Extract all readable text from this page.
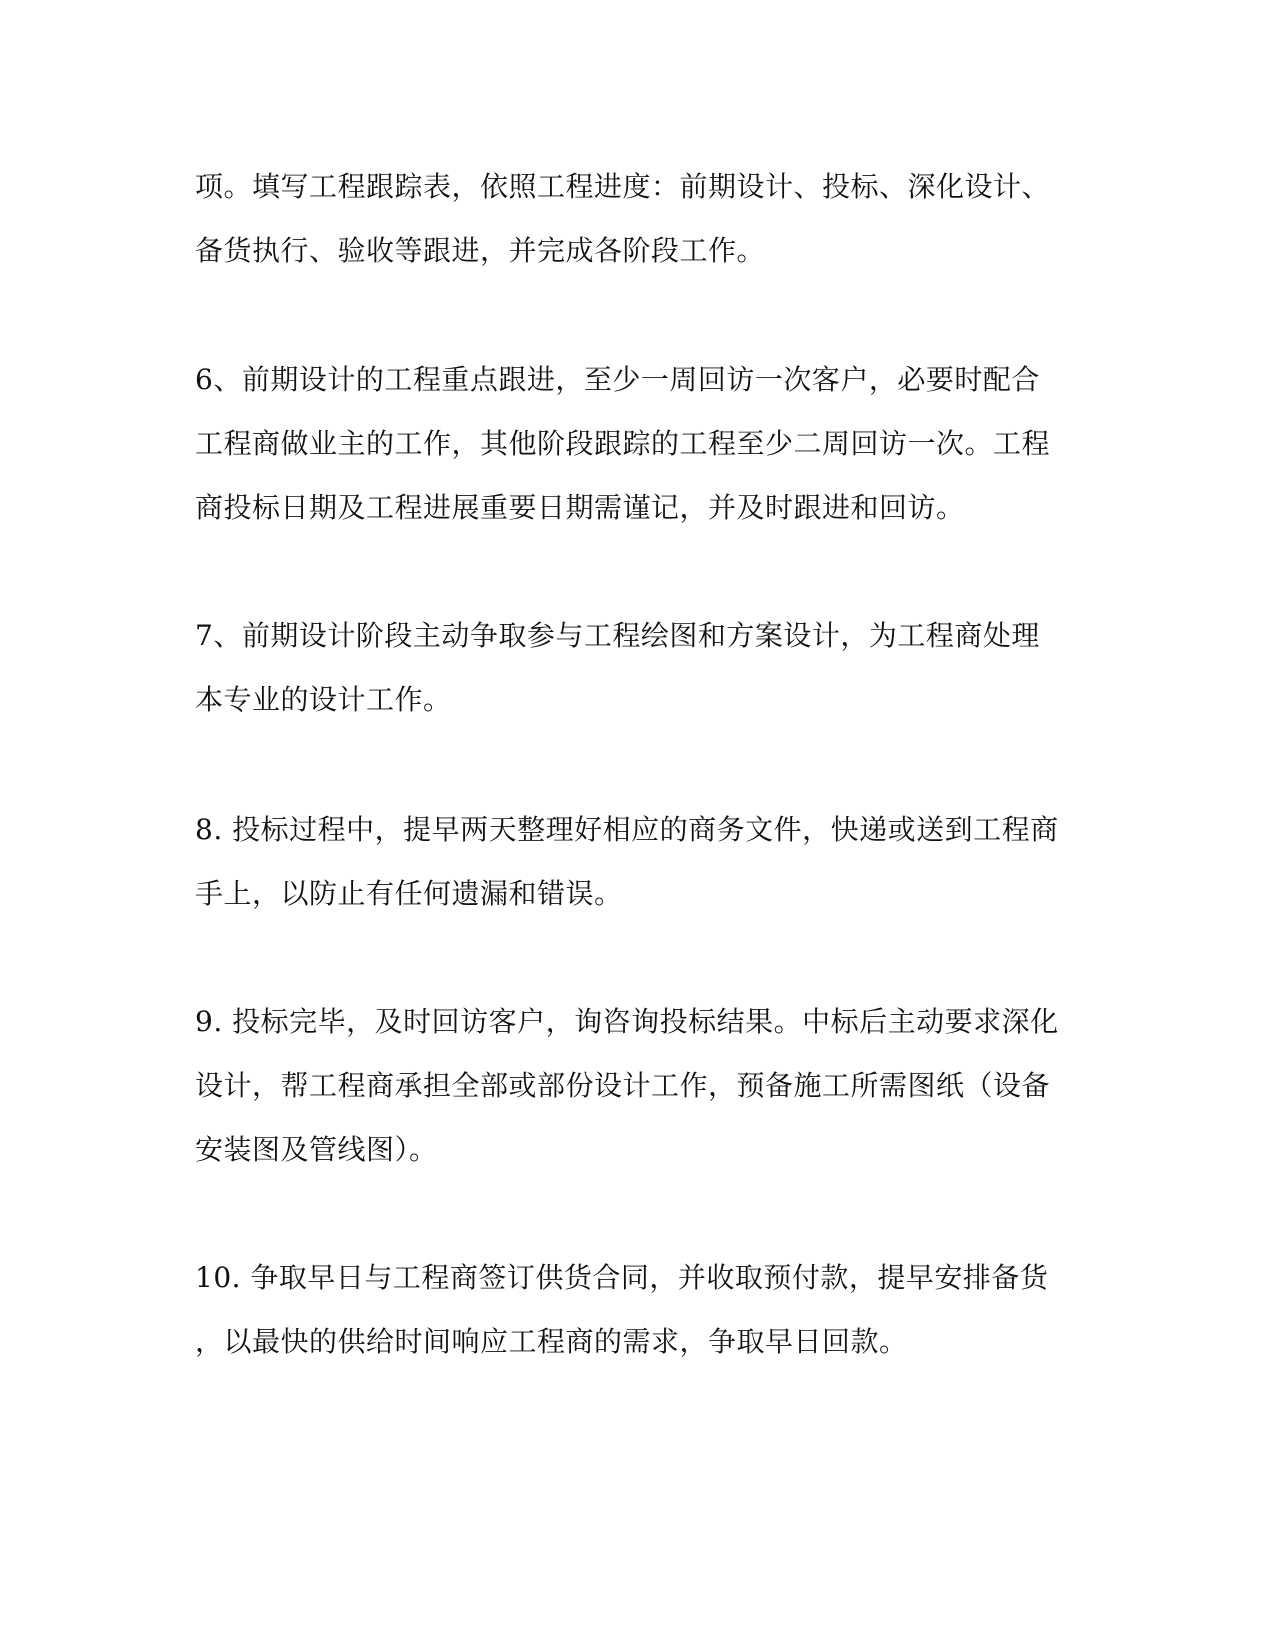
项。填写工程跟踪表，依照工程进度：前期设计、投标、深化设计、
备货执行、验收等跟进，并完成各阶段工作。
6、前期设计的工程重点跟进，至少一周回访一次客户，必要时配合
工程商做业主的工作，其他阶段跟踪的工程至少二周回访一次。工程
商投标日期及工程进展重要日期需谨记，并及时跟进和回访。
7、前期设计阶段主动争取参与工程绘图和方案设计，为工程商处理
本专业的设计工作。
8. 投标过程中，提早两天整理好相应的商务文件，快递或送到工程商
手上，以防止有任何遗漏和错误。
9. 投标完毕，及时回访客户，询咨询投标结果。中标后主动要求深化
设计，帮工程商承担全部或部份设计工作，预备施工所需图纸（设备
安装图及管线图）。
10. 争取早日与工程商签订供货合同，并收取预付款，提早安排备货
，以最快的供给时间响应工程商的需求，争取早日回款。
